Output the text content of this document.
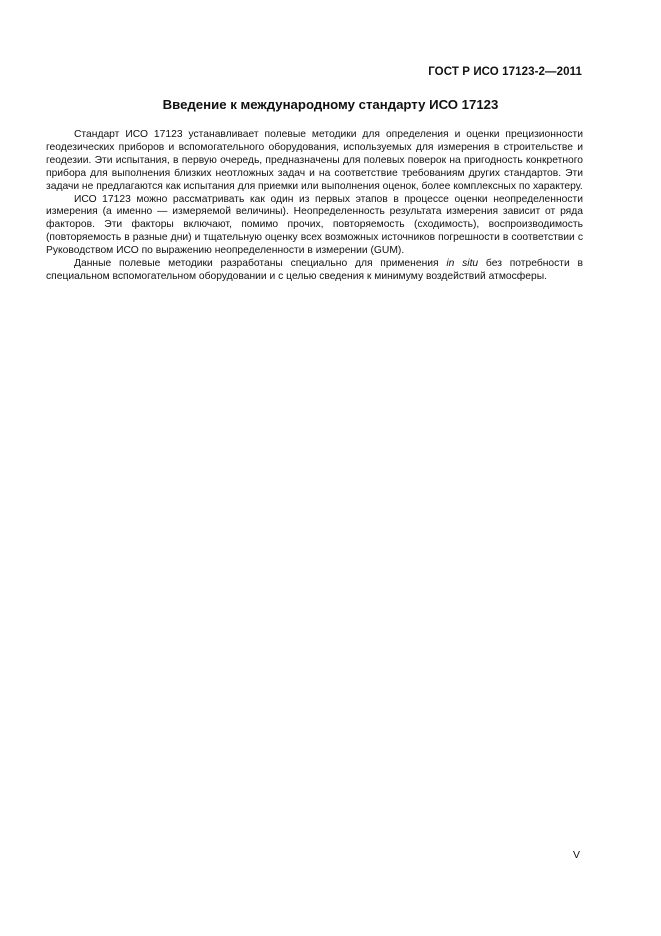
ГОСТ Р ИСО 17123-2—2011
Введение к международному стандарту ИСО 17123

Стандарт ИСО 17123 устанавливает полевые методики для определения и оценки прецизионности геодезических приборов и вспомогательного оборудования, используемых для измерения в строительстве и геодезии. Эти испытания, в первую очередь, предназначены для полевых поверок на пригодность конкретного прибора для выполнения близких неотложных задач и на соответствие требованиям других стандартов. Эти задачи не предлагаются как испытания для приемки или выполнения оценок, более комплексных по характеру.

ИСО 17123 можно рассматривать как один из первых этапов в процессе оценки неопределенности измерения (а именно — измеряемой величины). Неопределенность результата измерения зависит от ряда факторов. Эти факторы включают, помимо прочих, повторяемость (сходимость), воспроизводимость (повторяемость в разные дни) и тщательную оценку всех возможных источников погрешности в соответствии с Руководством ИСО по выражению неопределенности в измерении (GUM).

Данные полевые методики разработаны специально для применения in situ без потребности в специальном вспомогательном оборудовании и с целью сведения к минимуму воздействий атмосферы.

V
